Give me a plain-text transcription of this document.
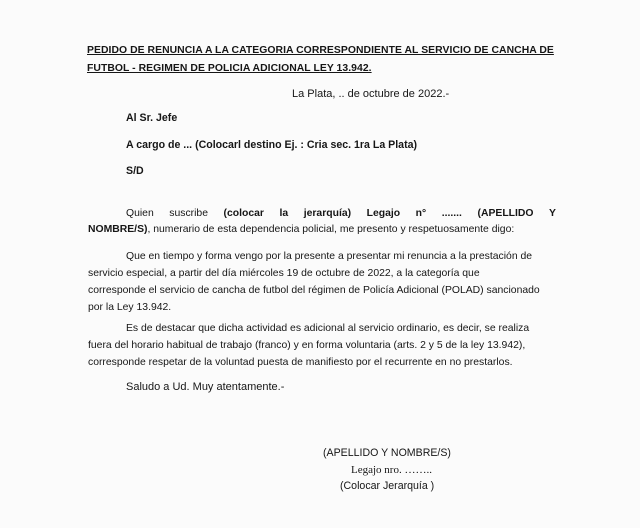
PEDIDO DE RENUNCIA A LA CATEGORIA CORRESPONDIENTE AL SERVICIO DE CANCHA DE
FUTBOL - REGIMEN DE POLICIA ADICIONAL LEY 13.942.
La Plata, .. de octubre de 2022.-
Al Sr. Jefe
A cargo de ... (Colocarl destino Ej. : Cria sec. 1ra La Plata)
S/D
Quien suscribe (colocar la jerarquía) Legajo n° ....... (APELLIDO Y
NOMBRE/S), numerario de esta dependencia policial, me presento y respetuosamente digo:
Que en tiempo y forma vengo por la presente a presentar mi renuncia a la prestación de
servicio especial, a partir del día miércoles 19 de octubre de 2022, a la categoría que
corresponde el servicio de cancha de futbol del régimen de Policía Adicional (POLAD) sancionado
por la Ley 13.942.
Es de destacar que dicha actividad es adicional al servicio ordinario, es decir, se realiza
fuera del horario habitual de trabajo (franco) y en forma voluntaria (arts. 2 y 5 de la ley 13.942),
corresponde respetar de la voluntad puesta de manifiesto por el recurrente en no prestarlos.
Saludo a Ud. Muy atentamente.-
(APELLIDO Y NOMBRE/S)
Legajo nro. ……..
(Colocar Jerarquía )
